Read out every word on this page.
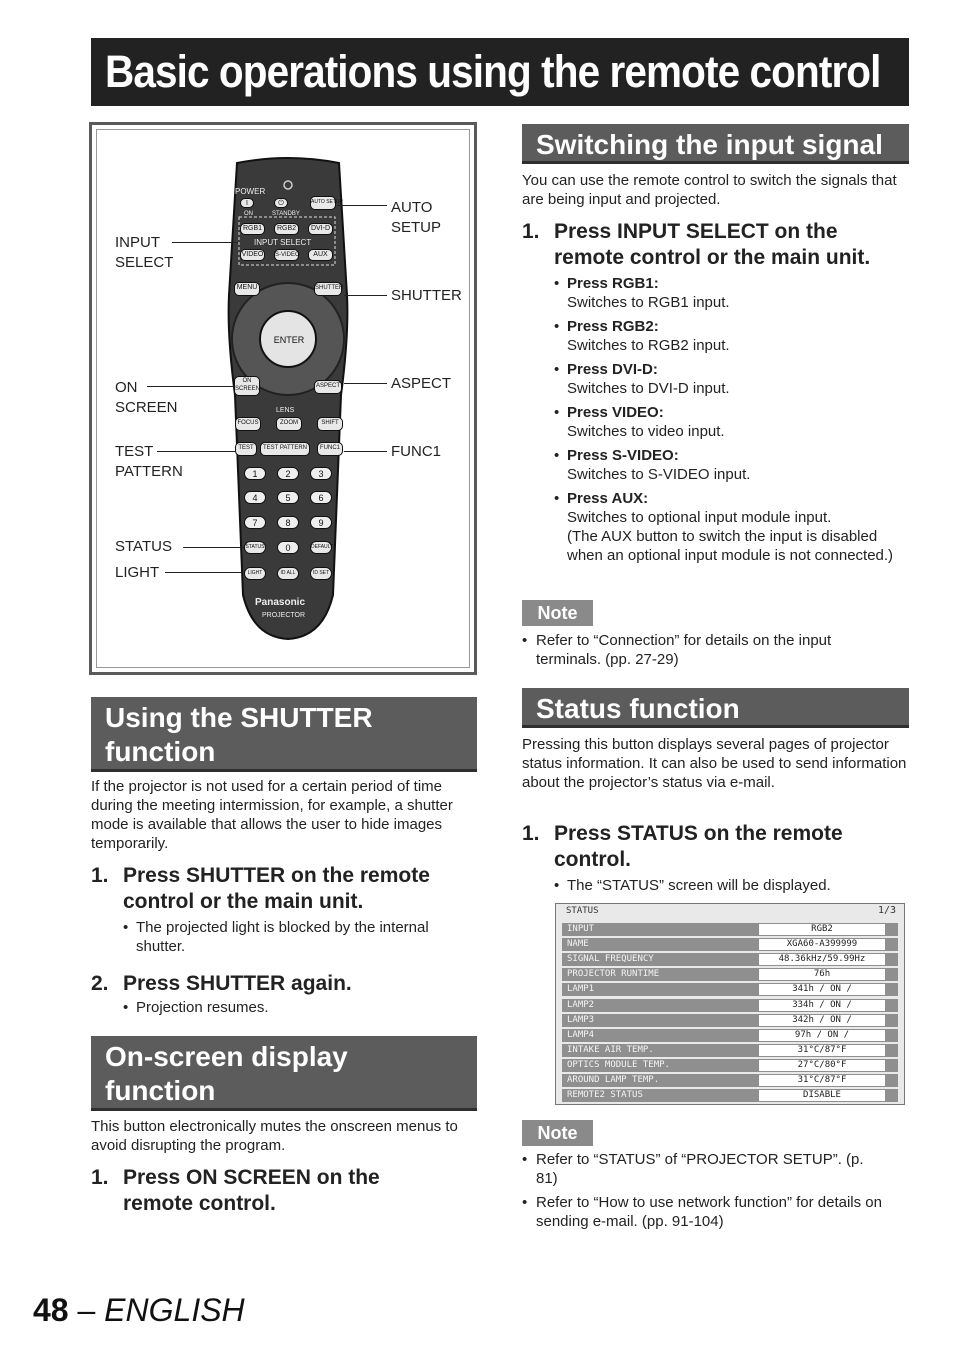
Basic operations using the remote control
POWER
I	⏻
ON	STANDBY
AUTO SETUP
RGB1	RGB2	DVI-D
INPUT SELECT
VIDEO S-VIDEO	AUX
MENU	SHUTTER
ENTER
ON SCREEN	ASPECT
LENS
FOCUS	ZOOM	SHIFT
TEST	TEST PATTERN	FUNC1
1	2	3
4	5	6
7	8	9
STATUS	0	DEFAULT
LIGHT	ID ALL	ID SET
Panasonic
PROJECTOR
INPUT
SELECT
AUTO
SETUP
SHUTTER
ON
SCREEN
ASPECT
TEST
PATTERN
FUNC1
STATUS
LIGHT
Using the SHUTTER function
If the projector is not used for a certain period of time during the meeting intermission, for example, a shutter mode is available that allows the user to hide images temporarily.
1. Press SHUTTER on the remote control or the main unit.
• The projected light is blocked by the internal shutter.
2. Press SHUTTER again.
• Projection resumes.
On-screen display function
This button electronically mutes the onscreen menus to avoid disrupting the program.
1. Press ON SCREEN on the remote control.
Switching the input signal
You can use the remote control to switch the signals that are being input and projected.
1. Press INPUT SELECT on the remote control or the main unit.
• Press RGB1:
Switches to RGB1 input.
• Press RGB2:
Switches to RGB2 input.
• Press DVI-D:
Switches to DVI-D input.
• Press VIDEO:
Switches to video input.
• Press S-VIDEO:
Switches to S-VIDEO input.
• Press AUX:
Switches to optional input module input.
(The AUX button to switch the input is disabled when an optional input module is not connected.)
Note
• Refer to “Connection” for details on the input terminals. (pp. 27-29)
Status function
Pressing this button displays several pages of projector status information. It can also be used to send information about the projector’s status via e-mail.
1. Press STATUS on the remote control.
• The “STATUS” screen will be displayed.
STATUS	1/3
INPUT	RGB2
NAME	XGA60-A399999
SIGNAL FREQUENCY	48.36kHz/59.99Hz
PROJECTOR RUNTIME	76h
LAMP1	341h / ON /
LAMP2	334h / ON /
LAMP3	342h / ON /
LAMP4	97h / ON /
INTAKE AIR TEMP.	31°C/87°F
OPTICS MODULE TEMP.	27°C/80°F
AROUND LAMP TEMP.	31°C/87°F
REMOTE2 STATUS	DISABLE
Note
• Refer to “STATUS” of “PROJECTOR SETUP”. (p. 81)
• Refer to “How to use network function” for details on sending e-mail. (pp. 91-104)
48 – ENGLISH
